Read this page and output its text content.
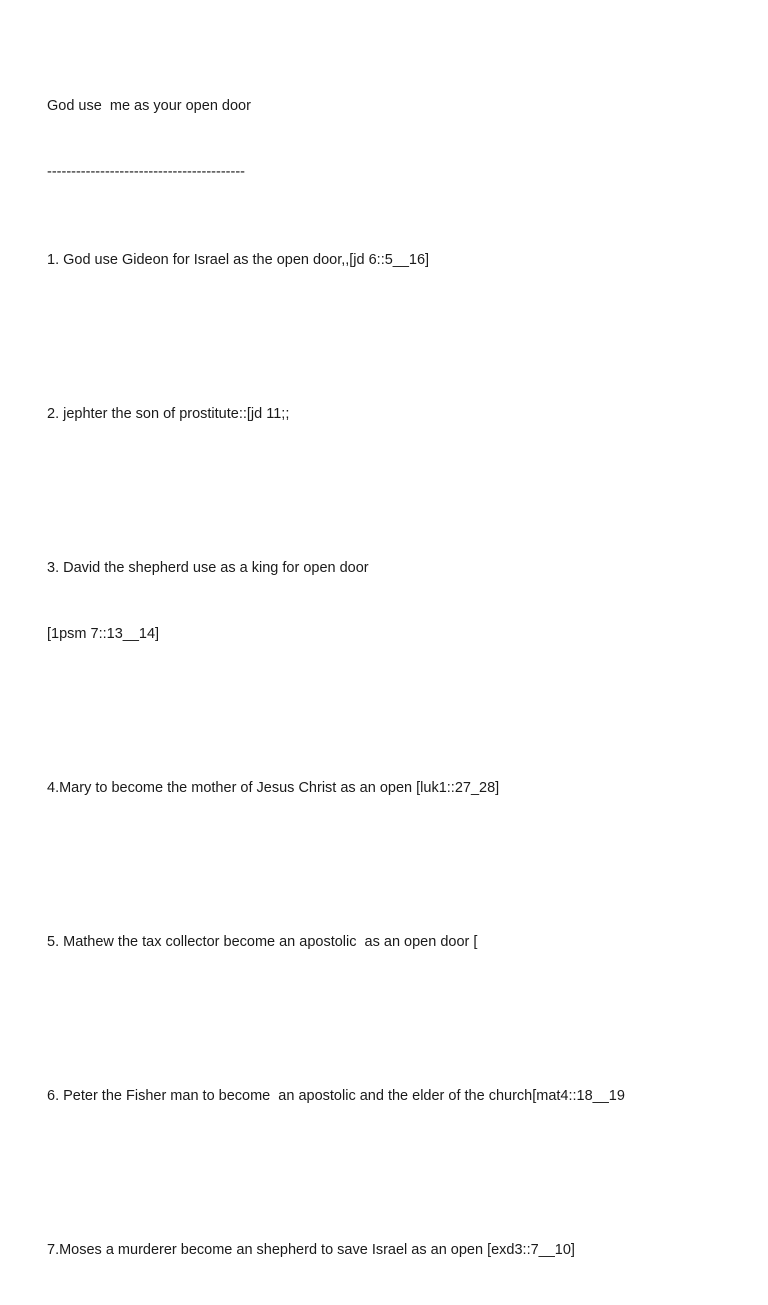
God use  me as your open door

-----------------------------------------

1. God use Gideon for Israel as the open door,,[jd 6::5__16]

2. jephter the son of prostitute::[jd 11;;

3. David the shepherd use as a king for open door

[1psm 7::13__14]

4.Mary to become the mother of Jesus Christ as an open [luk1::27_28]

5. Mathew the tax collector become an apostolic  as an open door [

6. Peter the Fisher man to become  an apostolic and the elder of the church[mat4::18__19

7.Moses a murderer become an shepherd to save Israel as an open [exd3::7__10]
